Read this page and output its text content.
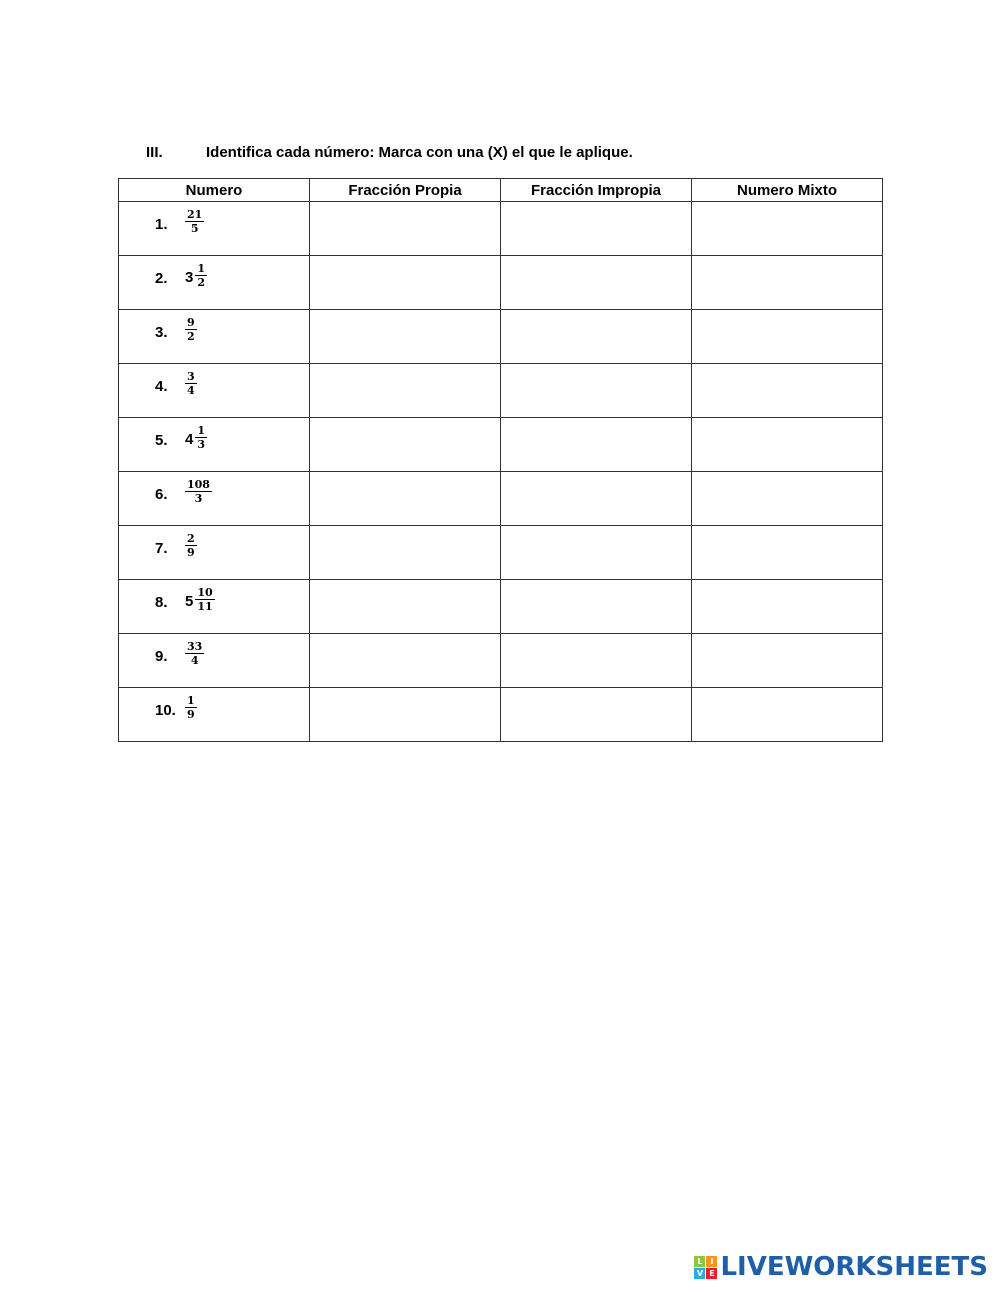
III.	Identifica cada número: Marca con una (X) el que le aplique.
Numero	Fracción Propia	Fracción Impropia	Numero Mixto

1. $\frac{21}{5}$

2. $3 \frac{1}{2}$

3. $\frac{9}{2}$

4. $\frac{3}{4}$

5. $4 \frac{1}{3}$

6. $\frac{108}{3}$

7. $\frac{2}{9}$

8. $5 \frac{10}{11}$

9. $\frac{33}{4}$

10. $\frac{1}{9}$

L I
V E LIVEWORKSHEETS
